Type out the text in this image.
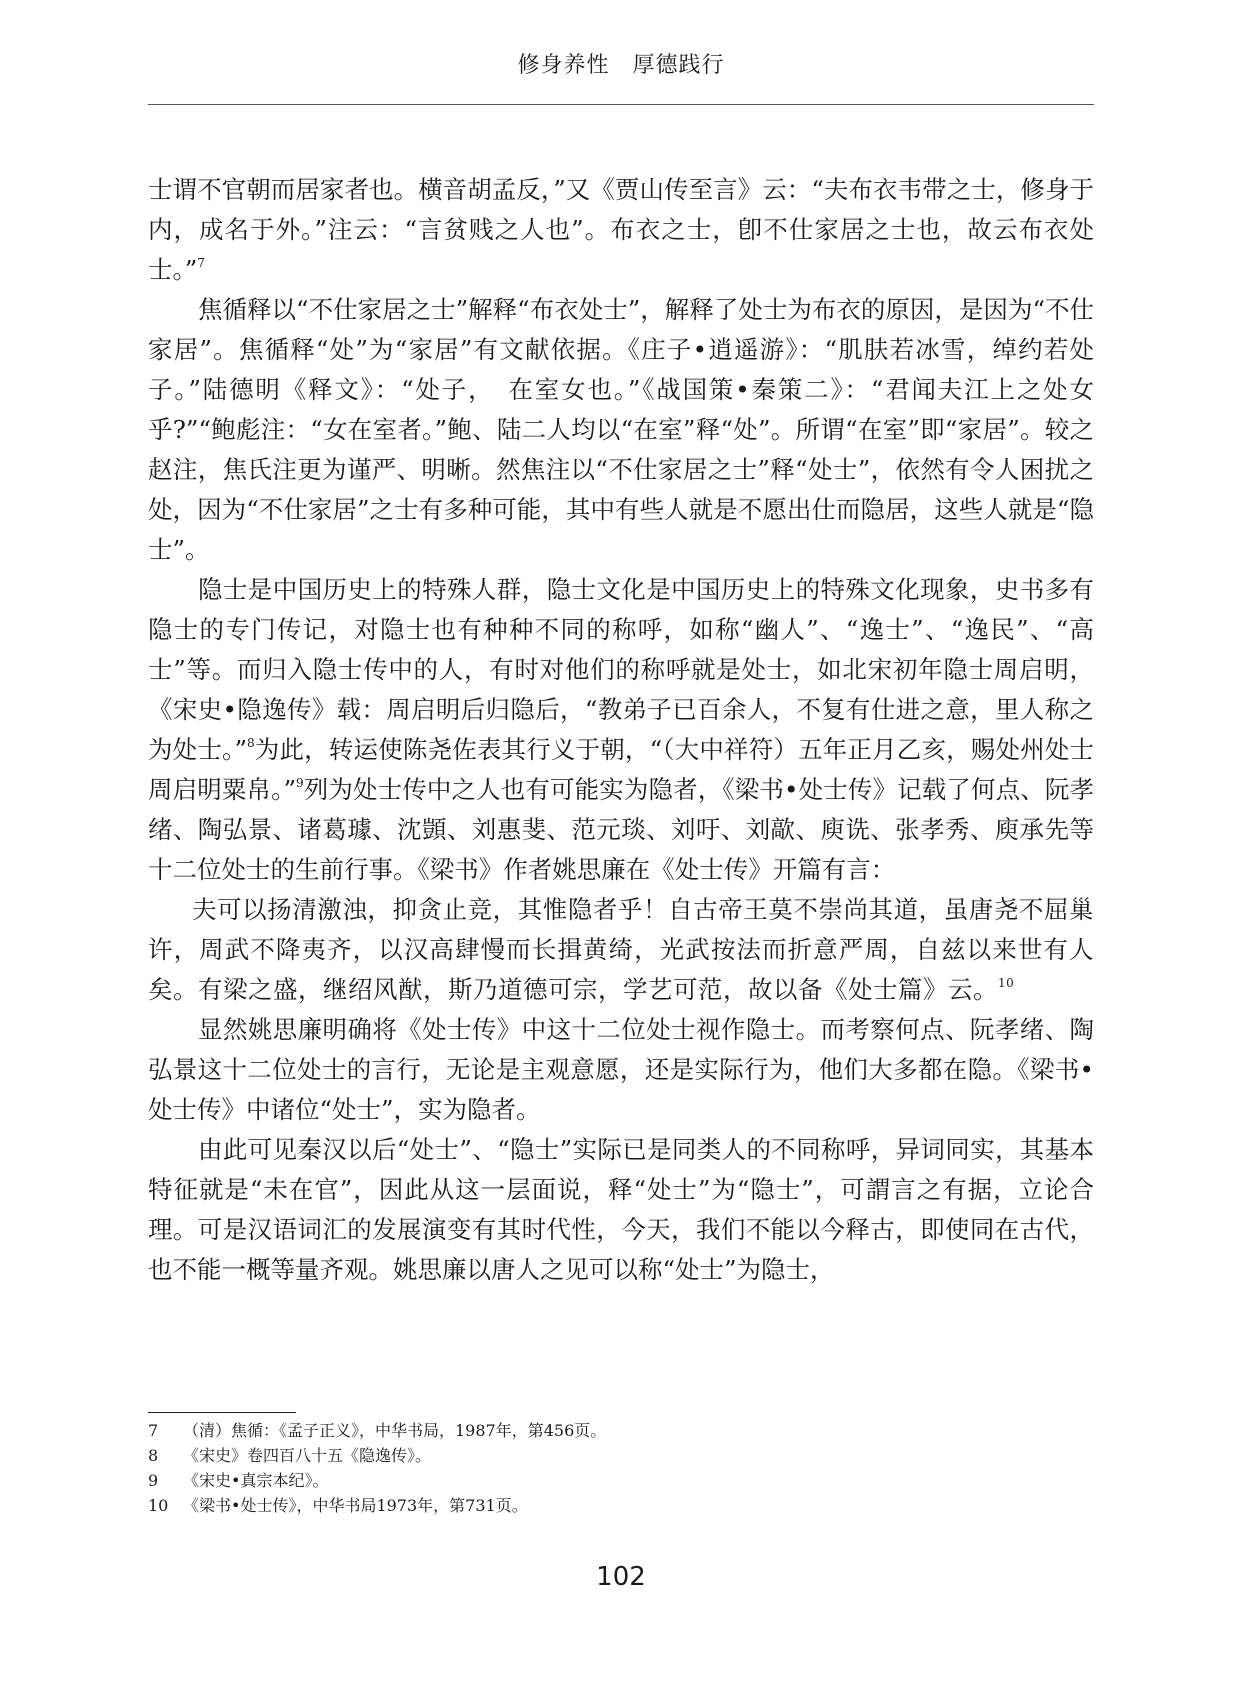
修身养性　厚德践行

士谓不官朝而居家者也。横音胡孟反，”又《贾山传至言》云：“夫布衣韦带之士，修身于内，成名于外。”注云：“言贫贱之人也”。布衣之士，卽不仕家居之士也，故云布衣处士。”$^7$

焦循释以“不仕家居之士”解释“布衣处士”，解释了处士为布衣的原因，是因为“不仕家居”。焦循释“处”为“家居”有文献依据。《庄子•逍遥游》：“肌肤若冰雪，绰约若处子。”陆德明《释文》：“处子，　在室女也。”《战国策•秦策二》：“君闻夫江上之处女乎?”“鲍彪注：“女在室者。”鲍、陆二人均以“在室”释“处”。所谓“在室”即“家居”。较之赵注，焦氏注更为谨严、明晰。然焦注以“不仕家居之士”释“处士”，依然有令人困扰之处，因为“不仕家居”之士有多种可能，其中有些人就是不愿出仕而隐居，这些人就是“隐士”。

隐士是中国历史上的特殊人群，隐士文化是中国历史上的特殊文化现象，史书多有隐士的专门传记，对隐士也有种种不同的称呼，如称“幽人”、“逸士”、“逸民”、“高士”等。而归入隐士传中的人，有时对他们的称呼就是处士，如北宋初年隐士周启明，《宋史•隐逸传》载：周启明后归隐后，“教弟子已百余人，不复有仕进之意，里人称之为处士。”$^8$为此，转运使陈尧佐表其行义于朝，“（大中祥符）五年正月乙亥，赐处州处士周启明粟帛。”$^9$列为处士传中之人也有可能实为隐者，《梁书•处士传》记载了何点、阮孝绪、陶弘景、诸葛璩、沈顗、刘惠斐、范元琰、刘吁、刘歊、庾诜、张孝秀、庾承先等十二位处士的生前行事。《梁书》作者姚思廉在《处士传》开篇有言：

夫可以扬清激浊，抑贪止竞，其惟隐者乎！自古帝王莫不崇尚其道，虽唐尧不屈巢许，周武不降夷齐，以汉高肆慢而长揖黄绮，光武按法而折意严周，自兹以来世有人矣。有梁之盛，继绍风猷，斯乃道德可宗，学艺可范，故以备《处士篇》云。$^{10}$

显然姚思廉明确将《处士传》中这十二位处士视作隐士。而考察何点、阮孝绪、陶弘景这十二位处士的言行，无论是主观意愿，还是实际行为，他们大多都在隐。《梁书•处士传》中诸位“处士”，实为隐者。

由此可见秦汉以后“处士”、“隐士”实际已是同类人的不同称呼，异词同实，其基本特征就是“未在官”，因此从这一层面说，释“处士”为“隐士”，可謂言之有据，立论合理。可是汉语词汇的发展演变有其时代性，今天，我们不能以今释古，即使同在古代，也不能一概等量齐观。姚思廉以唐人之见可以称“处士”为隐士，

7	（清）焦循：《孟子正义》，中华书局，1987年，第456页。
8	《宋史》卷四百八十五《隐逸传》。
9	《宋史•真宗本纪》。
10 《梁书•处士传》，中华书局1973年，第731页。
102
